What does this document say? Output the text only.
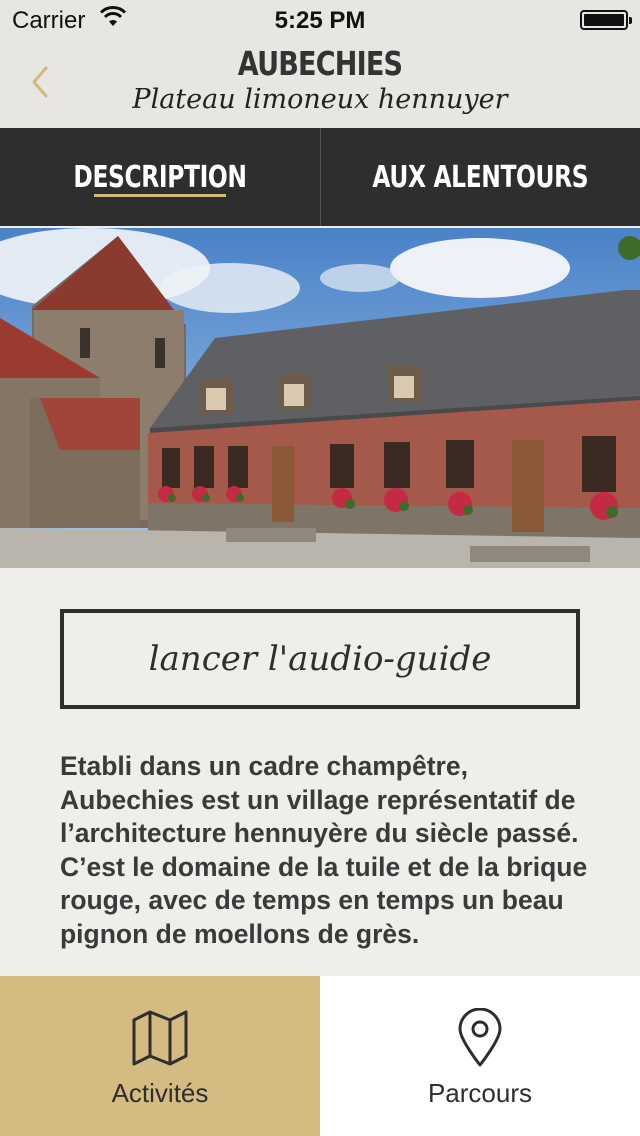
Carrier	5:25 PM
AUBECHIES
Plateau limoneux hennuyer
DESCRIPTION	AUX ALENTOURS
lancer l'audio-guide

Etabli dans un cadre champêtre, Aubechies est un village représentatif de l’architecture hennuyère du siècle passé. C’est le domaine de la tuile et de la brique rouge, avec de temps en temps un beau pignon de moellons de grès.

Activités	Parcours
